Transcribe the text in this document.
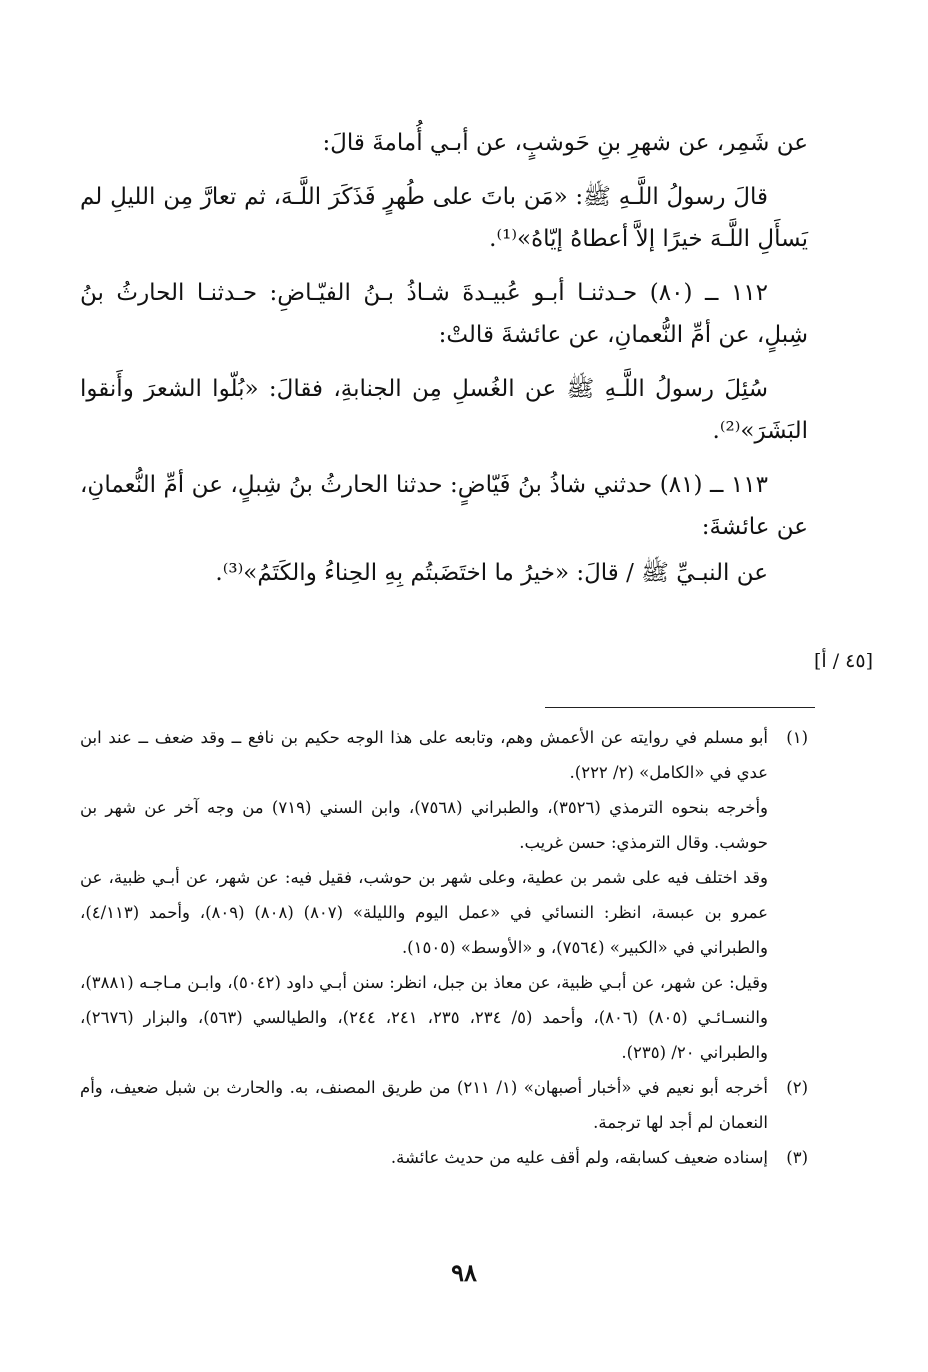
عن شَمِر، عن شهرِ بنِ حَوشبٍ، عن أبـي أُمامةَ قالَ:

قالَ رسولُ اللَّـهِ ﷺ: «مَن باتَ على طُهرٍ فَذَكَرَ اللَّـهَ، ثم تعارَّ مِن الليلِ لم يَسأَلِ اللَّـهَ خيرًا إلاَّ أعطاهُ إيّاهُ»⁽¹⁾.

١١٢ ــ (٨٠) حـدثنـا أبـو عُبيـدةَ شـاذُ بـنُ الفيّـاضِ: حـدثنـا الحارثُ بنُ شِبلٍ، عن أمِّ النُّعمانِ، عن عائشةَ قالتْ:

سُئِلَ رسولُ اللَّـهِ ﷺ عن الغُسلِ مِن الجنابةِ، فقالَ: «بُلّوا الشعرَ وأَنقوا البَشَرَ»⁽²⁾.

١١٣ ــ (٨١) حدثني شاذُ بنُ فَيّاضٍ: حدثنا الحارثُ بنُ شِبلٍ، عن أمِّ النُّعمانِ، عن عائشةَ:

عن النبـيِّ ﷺ / قالَ: «خيرُ ما اختَضَبتُم بِهِ الحِناءُ والكَتَمُ»⁽³⁾.

[٤٥ / أ]

(١)
أبو مسلم في روايته عن الأعمش وهم، وتابعه على هذا الوجه حكيم بن نافع ــ وقد ضعف ــ عند ابن عدي في «الكامل» (٢/ ٢٢٢).

وأخرجه بنحوه الترمذي (٣٥٢٦)، والطبراني (٧٥٦٨)، وابن السني (٧١٩) من وجه آخر عن شهر بن حوشب. وقال الترمذي: حسن غريب.

وقد اختلف فيه على شمر بن عطية، وعلى شهر بن حوشب، فقيل فيه: عن شهر، عن أبـي ظبية، عن عمرو بن عبسة، انظر: النسائي في «عمل اليوم والليلة» (٨٠٧) (٨٠٨) (٨٠٩)، وأحمد (٤/١١٣)، والطبراني في «الكبير» (٧٥٦٤)، و «الأوسط» (١٥٠٥).

وقيل: عن شهر، عن أبـي ظبية، عن معاذ بن جبل، انظر: سنن أبـي داود (٥٠٤٢)، وابـن مـاجـه (٣٨٨١)، والنسـائـي (٨٠٥) (٨٠٦)، وأحمد (٥/ ٢٣٤، ٢٣٥، ٢٤١، ٢٤٤)، والطيالسي (٥٦٣)، والبزار (٢٦٧٦)، والطبراني ٢٠/ (٢٣٥).

(٢)
أخرجه أبو نعيم في «أخبار أصبهان» (١/ ٢١١) من طريق المصنف، به. والحارث بن شبل ضعيف، وأم النعمان لم أجد لها ترجمة.

(٣)
إسناده ضعيف كسابقه، ولم أقف عليه من حديث عائشة.

٩٨
